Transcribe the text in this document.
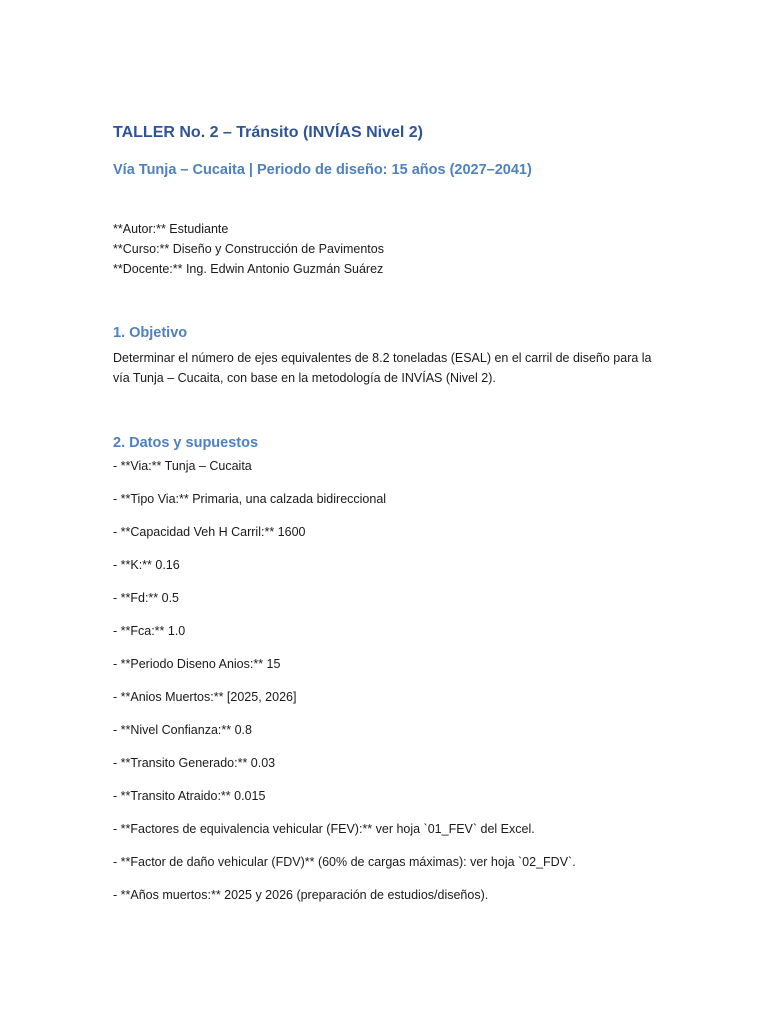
TALLER No. 2 – Tránsito (INVÍAS Nivel 2)
Vía Tunja – Cucaita | Periodo de diseño: 15 años (2027–2041)
**Autor:** Estudiante
**Curso:** Diseño y Construcción de Pavimentos
**Docente:** Ing. Edwin Antonio Guzmán Suárez
1. Objetivo

Determinar el número de ejes equivalentes de 8.2 toneladas (ESAL) en el carril de diseño para la vía Tunja – Cucaita, con base en la metodología de INVÍAS (Nivel 2).

2. Datos y supuestos
- **Via:** Tunja – Cucaita
- **Tipo Via:** Primaria, una calzada bidireccional
- **Capacidad Veh H Carril:** 1600
- **K:** 0.16
- **Fd:** 0.5
- **Fca:** 1.0
- **Periodo Diseno Anios:** 15
- **Anios Muertos:** [2025, 2026]
- **Nivel Confianza:** 0.8
- **Transito Generado:** 0.03
- **Transito Atraido:** 0.015
- **Factores de equivalencia vehicular (FEV):** ver hoja `01_FEV` del Excel.
- **Factor de daño vehicular (FDV)** (60% de cargas máximas): ver hoja `02_FDV`.
- **Años muertos:** 2025 y 2026 (preparación de estudios/diseños).
